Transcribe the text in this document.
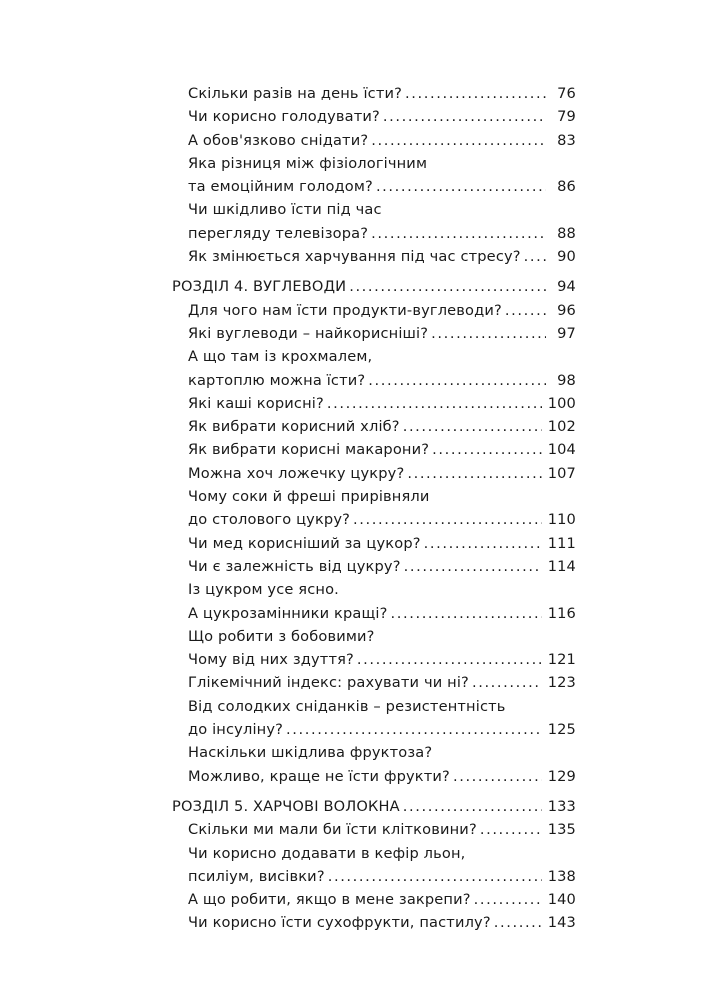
Скільки разів на день їсти? .....	76
Чи корисно голодувати? .....	79
А обов'язково снідати? .....	83
Яка різниця між фізіологічним
та емоційним голодом? .....	86
Чи шкідливо їсти під час
перегляду телевізора? .....	88
Як змінюється харчування під час стресу? .....	90
РОЗДІЛ 4. ВУГЛЕВОДИ .....	94
Для чого нам їсти продукти-вуглеводи? .....	96
Які вуглеводи – найкорисніші? .....	97
А що там із крохмалем,
картоплю можна їсти? .....	98
Які каші корисні? .....	100
Як вибрати корисний хліб? .....	102
Як вибрати корисні макарони? .....	104
Можна хоч ложечку цукру? .....	107
Чому соки й фреші прирівняли
до столового цукру? .....	110
Чи мед корисніший за цукор? .....	111
Чи є залежність від цукру? .....	114
Із цукром усе ясно.
А цукрозамінники кращі? .....	116
Що робити з бобовими?
Чому від них здуття? .....	121
Глікемічний індекс: рахувати чи ні? .....	123
Від солодких сніданків – резистентність
до інсуліну? .....	125
Наскільки шкідлива фруктоза?
Можливо, краще не їсти фрукти? .....	129
РОЗДІЛ 5. ХАРЧОВІ ВОЛОКНА .....	133
Скільки ми мали би їсти клітковини? .....	135
Чи корисно додавати в кефір льон,
псиліум, висівки? .....	138
А що робити, якщо в мене закрепи? .....	140
Чи корисно їсти сухофрукти, пастилу? .....	143
